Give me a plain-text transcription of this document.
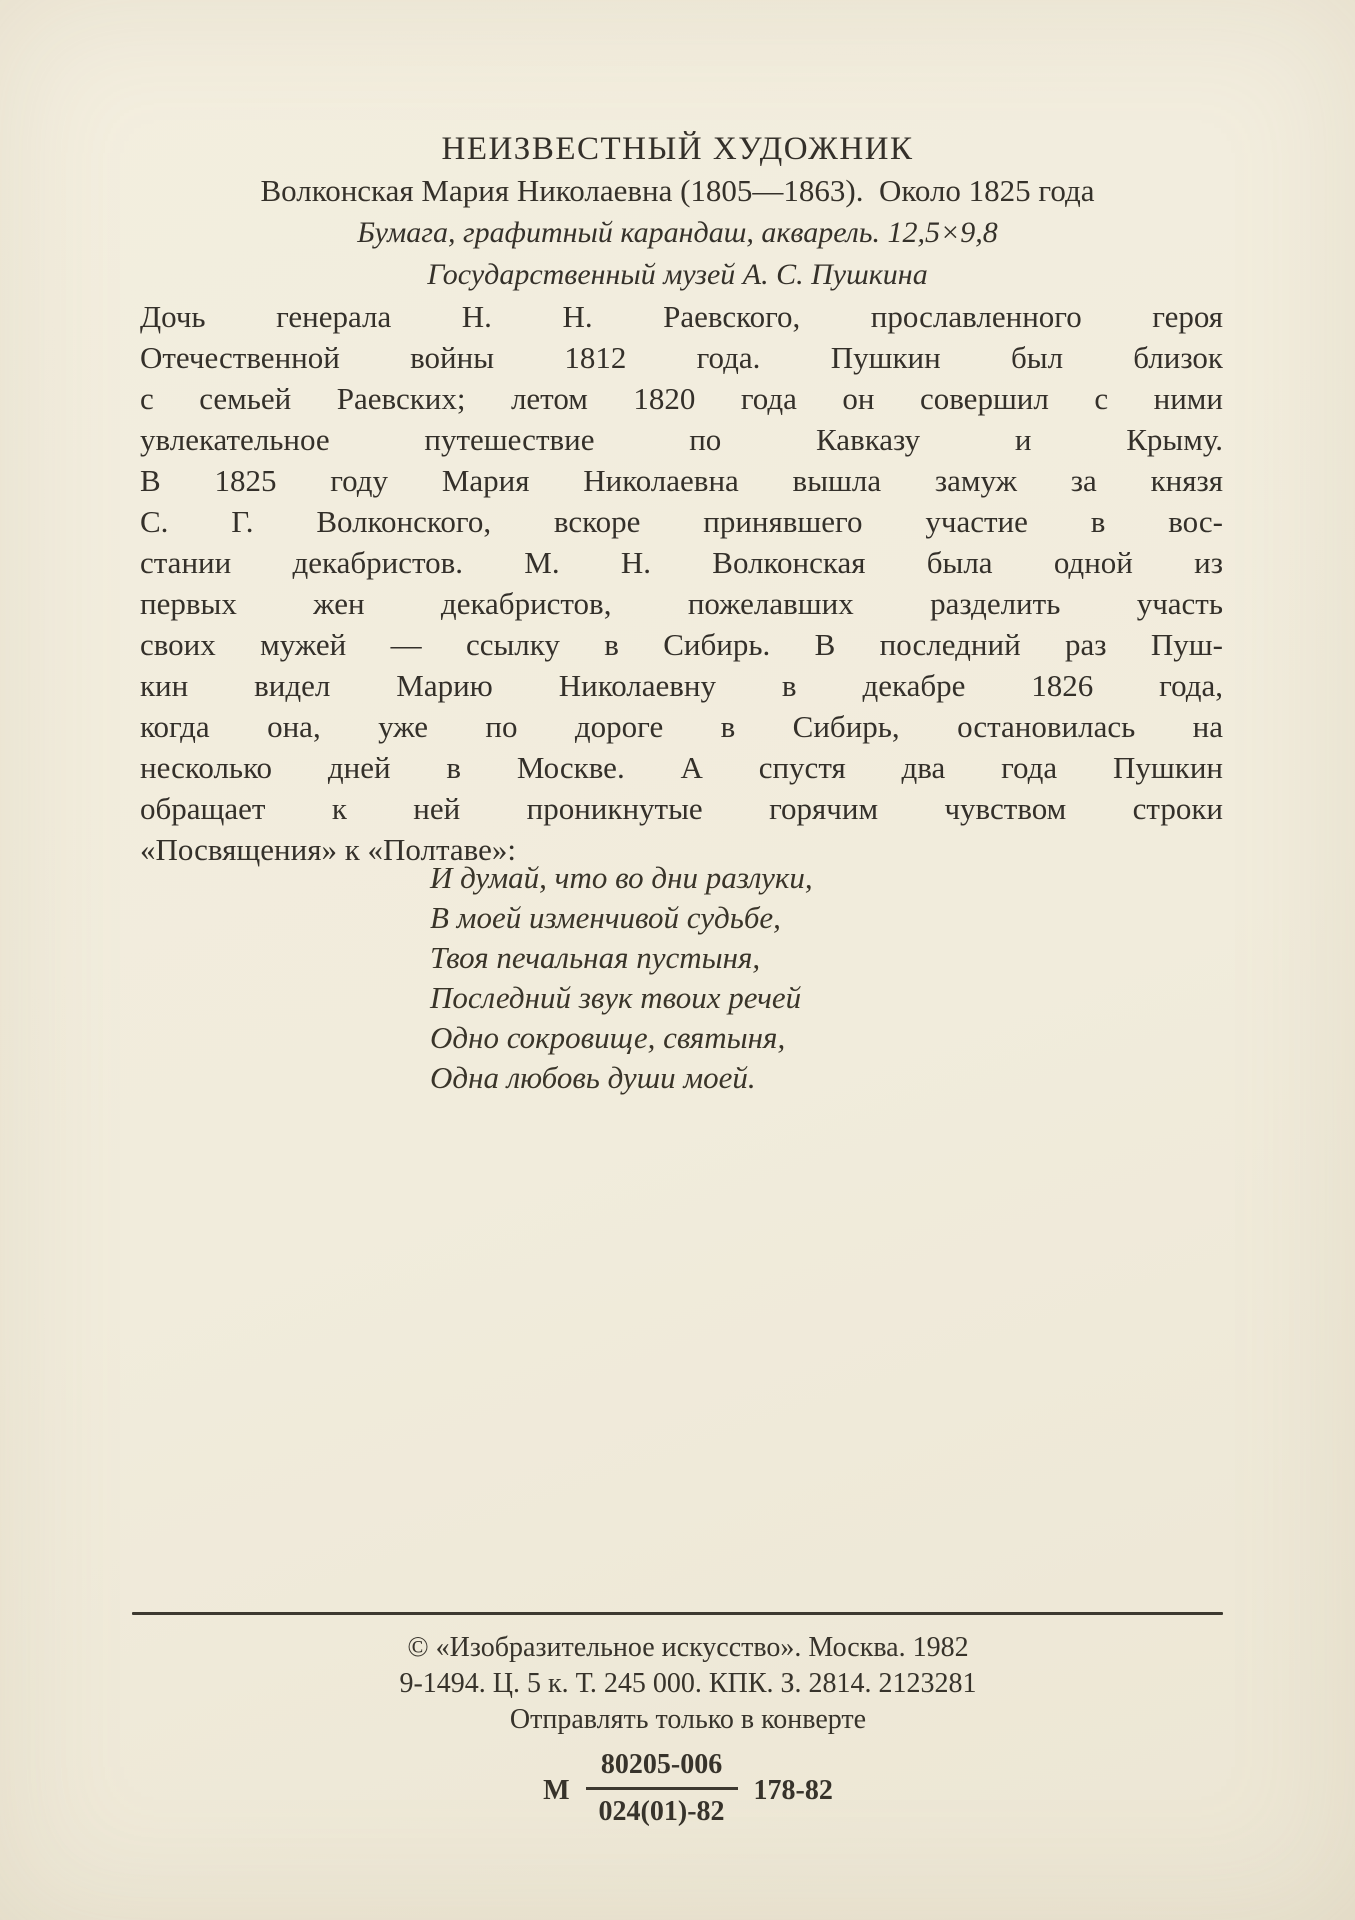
НЕИЗВЕСТНЫЙ ХУДОЖНИК
Волконская Мария Николаевна (1805—1863).  Около 1825 года
Бумага, графитный карандаш, акварель. 12,5×9,8
Государственный музей А. С. Пушкина
Дочь генерала Н. Н. Раевского, прославленного героя
Отечественной войны 1812 года. Пушкин был близок
с семьей Раевских; летом 1820 года он совершил с ними
увлекательное путешествие по Кавказу и Крыму.
В 1825 году Мария Николаевна вышла замуж за князя
С. Г. Волконского, вскоре принявшего участие в вос-
стании декабристов. М. Н. Волконская была одной из
первых жен декабристов, пожелавших разделить участь
своих мужей — ссылку в Сибирь. В последний раз Пуш-
кин видел Марию Николаевну в декабре 1826 года,
когда она, уже по дороге в Сибирь, остановилась на
несколько дней в Москве. А спустя два года Пушкин
обращает к ней проникнутые горячим чувством строки
«Посвящения» к «Полтаве»:
И думай, что во дни разлуки,
В моей изменчивой судьбе,
Твоя печальная пустыня,
Последний звук твоих речей
Одно сокровище, святыня,
Одна любовь души моей.
© «Изобразительное искусство». Москва. 1982
9-1494. Ц. 5 к. Т. 245 000. КПК. З. 2814. 2123281
Отправлять только в конверте
М $\frac{80205-006}{024(01)-82} 178-82$
